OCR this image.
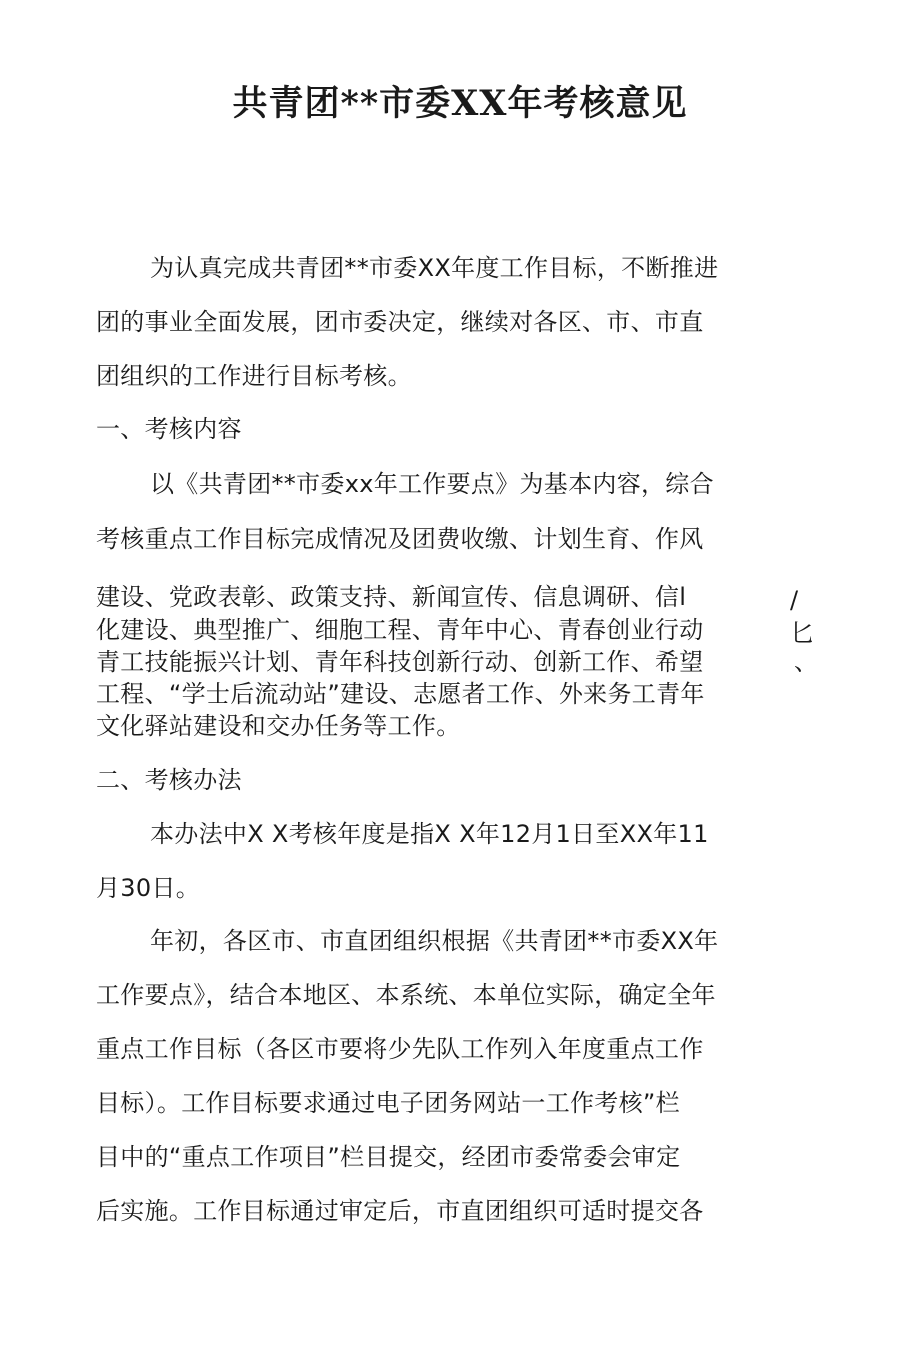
共青团**市委XX年考核意见
为认真完成共青团**市委XX年度工作目标，不断推进
团的事业全面发展，团市委决定，继续对各区、市、市直
团组织的工作进行目标考核。
一、考核内容
以《共青团**市委xx年工作要点》为基本内容，综合
考核重点工作目标完成情况及团费收缴、计划生育、作风
建设、党政表彰、政策支持、新闻宣传、信息调研、信l
化建设、典型推广、细胞工程、青年中心、青春创业行动
青工技能振兴计划、青年科技创新行动、创新工作、希望
工程、“学士后流动站”建设、志愿者工作、外来务工青年
文化驿站建设和交办任务等工作。
/
匕
、
二、考核办法
本办法中X X考核年度是指X X年12月1日至XX年11
月30日。
年初，各区市、市直团组织根据《共青团**市委XX年
工作要点》，结合本地区、本系统、本单位实际，确定全年
重点工作目标（各区市要将少先队工作列入年度重点工作
目标）。工作目标要求通过电子团务网站一工作考核”栏
目中的“重点工作项目”栏目提交，经团市委常委会审定
后实施。工作目标通过审定后，市直团组织可适时提交各
